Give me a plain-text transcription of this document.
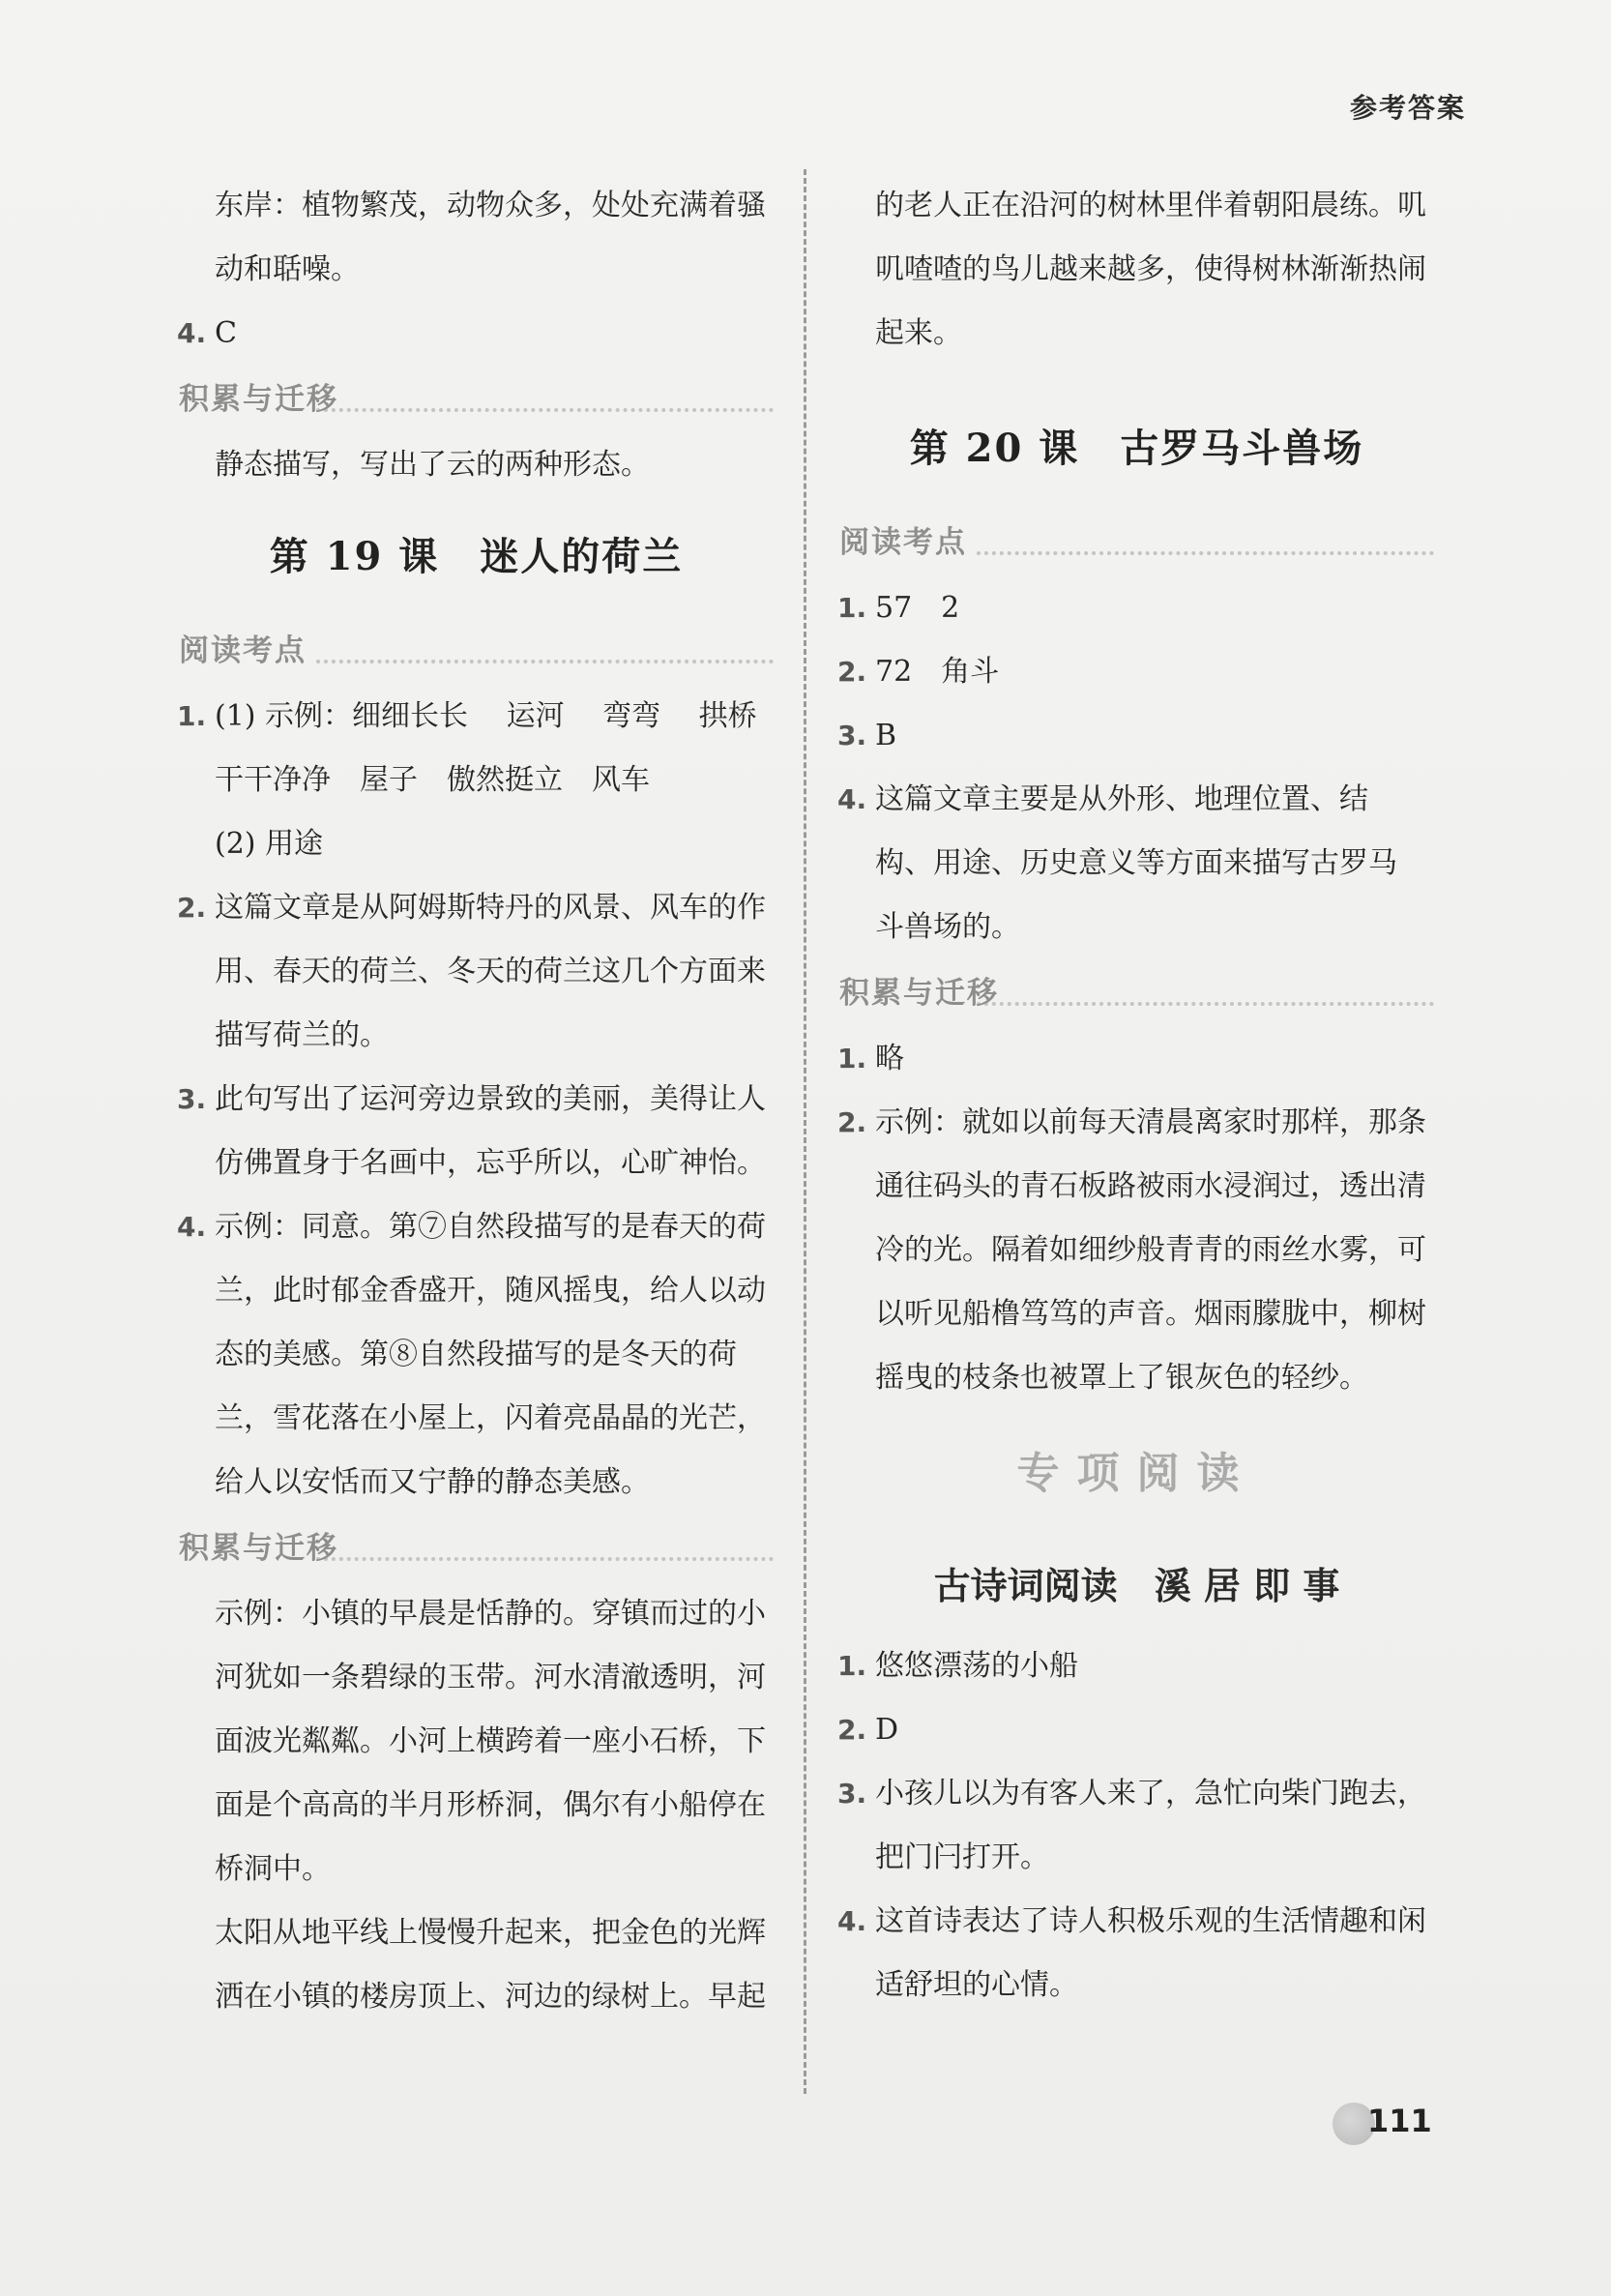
参考答案
东岸：植物繁茂，动物众多，处处充满着骚
动和聒噪。
4. C
积累与迁移
静态描写，写出了云的两种形态。
第 19 课　迷人的荷兰
阅读考点
1. (1) 示例：细细长长　 运河　 弯弯　 拱桥
干干净净　屋子　傲然挺立　风车
(2) 用途
2. 这篇文章是从阿姆斯特丹的风景、风车的作
用、春天的荷兰、冬天的荷兰这几个方面来
描写荷兰的。
3. 此句写出了运河旁边景致的美丽，美得让人
仿佛置身于名画中，忘乎所以，心旷神怡。
4. 示例：同意。第⑦自然段描写的是春天的荷
兰，此时郁金香盛开，随风摇曳，给人以动
态的美感。第⑧自然段描写的是冬天的荷
兰，雪花落在小屋上，闪着亮晶晶的光芒，
给人以安恬而又宁静的静态美感。
积累与迁移
示例：小镇的早晨是恬静的。穿镇而过的小
河犹如一条碧绿的玉带。河水清澈透明，河
面波光粼粼。小河上横跨着一座小石桥，下
面是个高高的半月形桥洞，偶尔有小船停在
桥洞中。
太阳从地平线上慢慢升起来，把金色的光辉
洒在小镇的楼房顶上、河边的绿树上。早起
的老人正在沿河的树林里伴着朝阳晨练。叽
叽喳喳的鸟儿越来越多，使得树林渐渐热闹
起来。
第 20 课　古罗马斗兽场
阅读考点
1. 57　2
2. 72　角斗
3. B
4. 这篇文章主要是从外形、地理位置、结
构、用途、历史意义等方面来描写古罗马
斗兽场的。
积累与迁移
1. 略
2. 示例：就如以前每天清晨离家时那样，那条
通往码头的青石板路被雨水浸润过，透出清
冷的光。隔着如细纱般青青的雨丝水雾，可
以听见船橹笃笃的声音。烟雨朦胧中，柳树
摇曳的枝条也被罩上了银灰色的轻纱。
专项阅读
古诗词阅读　溪 居 即 事
1. 悠悠漂荡的小船
2. D
3. 小孩儿以为有客人来了，急忙向柴门跑去，
把门闩打开。
4. 这首诗表达了诗人积极乐观的生活情趣和闲
适舒坦的心情。
111
